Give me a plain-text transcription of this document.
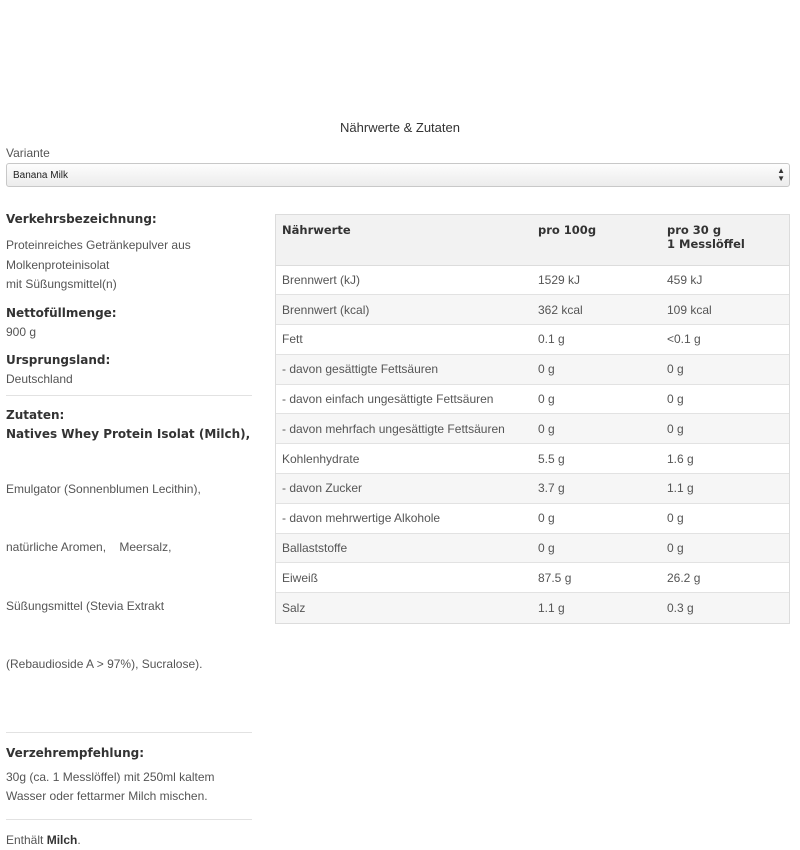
Nährwerte & Zutaten
Variante
Banana Milk	▲
▼
Verkehrsbezeichnung:
Proteinreiches Getränkepulver aus
Molkenproteinisolat
mit Süßungsmittel(n)
Nettofüllmenge:
900 g
Ursprungsland:
Deutschland
Zutaten:
Natives Whey Protein Isolat (Milch),

Emulgator (Sonnenblumen Lecithin),

natürliche Aromen,    Meersalz,

Süßungsmittel (Stevia Extrakt

(Rebaudioside A > 97%), Sucralose).

Verzehrempfehlung:
30g (ca. 1 Messlöffel) mit 250ml kaltem
Wasser oder fettarmer Milch mischen.
Enthält Milch.
Nährwerte	pro 100g	pro 30 g
1 Messlöffel

Brennwert (kJ)	1529 kJ	459 kJ
Brennwert (kcal)	362 kcal	109 kcal
Fett	0.1 g	<0.1 g
- davon gesättigte Fettsäuren	0 g	0 g
- davon einfach ungesättigte Fettsäuren	0 g	0 g
- davon mehrfach ungesättigte Fettsäuren	0 g	0 g
Kohlenhydrate	5.5 g	1.6 g
- davon Zucker	3.7 g	1.1 g
- davon mehrwertige Alkohole	0 g	0 g
Ballaststoffe	0 g	0 g
Eiweiß	87.5 g	26.2 g
Salz	1.1 g	0.3 g
